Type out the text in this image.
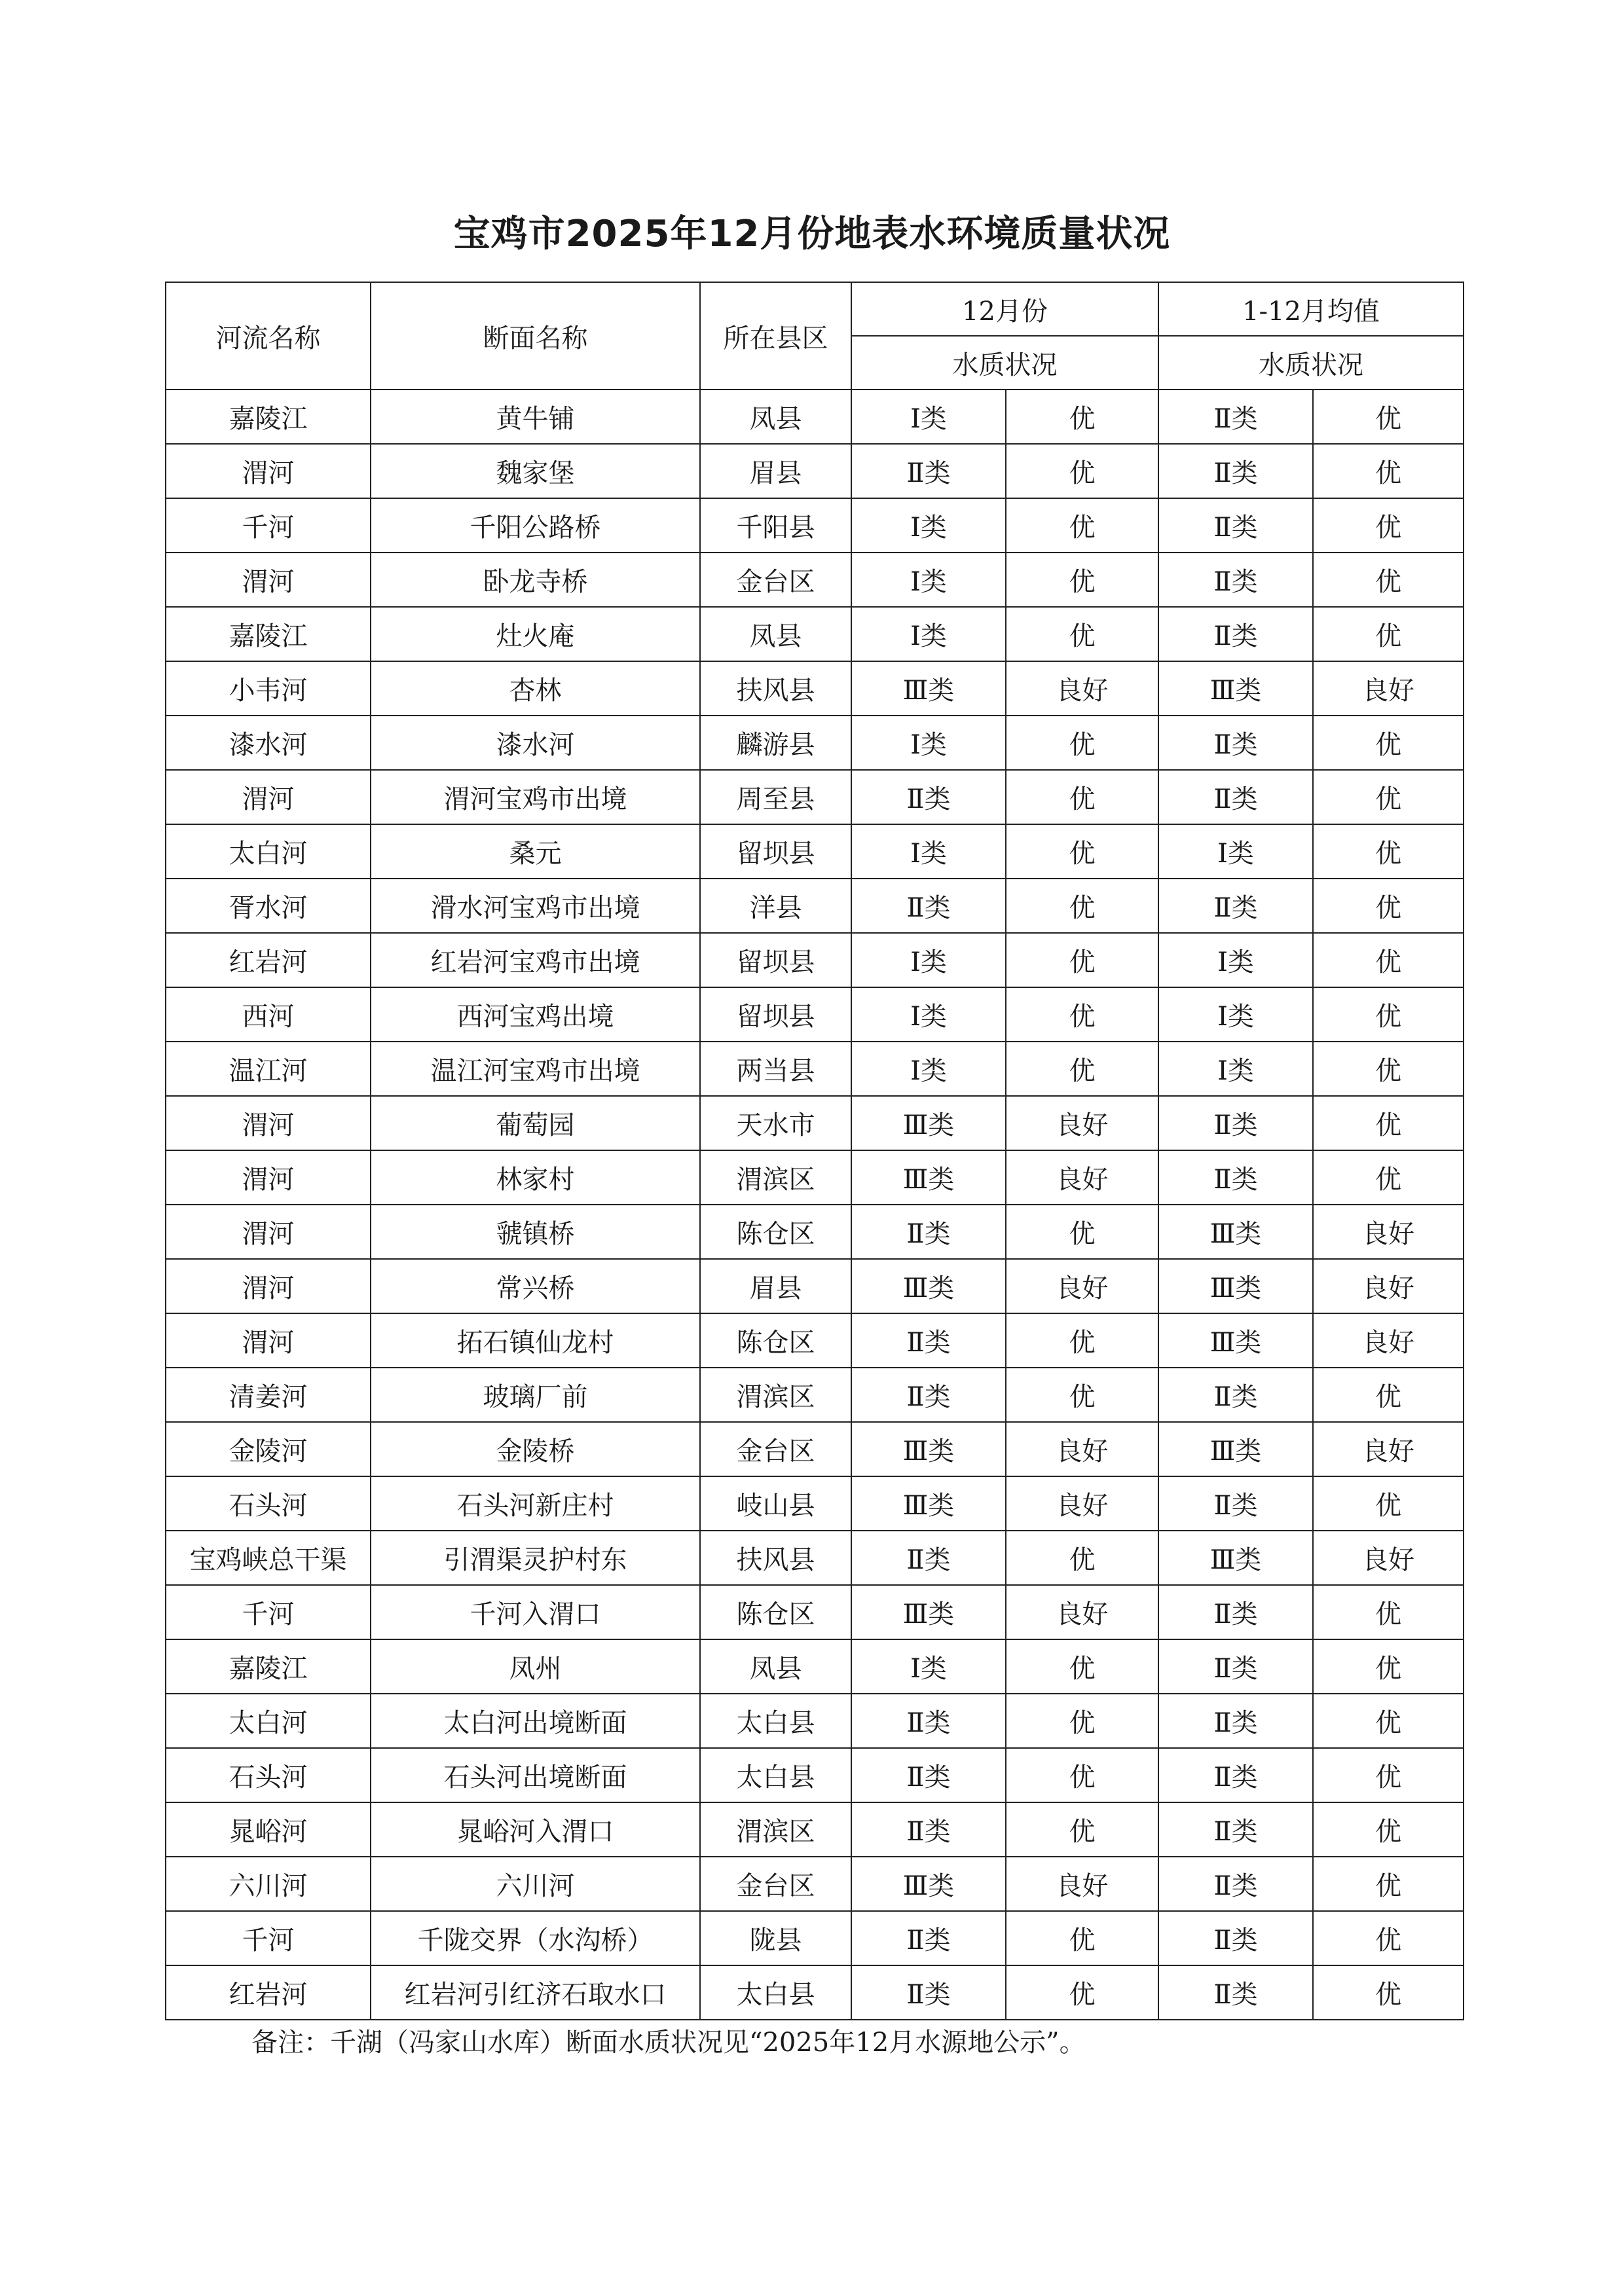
宝鸡市2025年12月份地表水环境质量状况
河流名称	断面名称	所在县区	12月份		1-12月均值	
			水质状况		水质状况	
嘉陵江	黄牛铺	凤县	Ⅰ类	优	Ⅱ类	优
渭河	魏家堡	眉县	Ⅱ类	优	Ⅱ类	优
千河	千阳公路桥	千阳县	Ⅰ类	优	Ⅱ类	优
渭河	卧龙寺桥	金台区	Ⅰ类	优	Ⅱ类	优
嘉陵江	灶火庵	凤县	Ⅰ类	优	Ⅱ类	优
小韦河	杏林	扶风县	Ⅲ类	良好	Ⅲ类	良好
漆水河	漆水河	麟游县	Ⅰ类	优	Ⅱ类	优
渭河	渭河宝鸡市出境	周至县	Ⅱ类	优	Ⅱ类	优
太白河	桑元	留坝县	Ⅰ类	优	Ⅰ类	优
胥水河	滑水河宝鸡市出境	洋县	Ⅱ类	优	Ⅱ类	优
红岩河	红岩河宝鸡市出境	留坝县	Ⅰ类	优	Ⅰ类	优
西河	西河宝鸡出境	留坝县	Ⅰ类	优	Ⅰ类	优
温江河	温江河宝鸡市出境	两当县	Ⅰ类	优	Ⅰ类	优
渭河	葡萄园	天水市	Ⅲ类	良好	Ⅱ类	优
渭河	林家村	渭滨区	Ⅲ类	良好	Ⅱ类	优
渭河	虢镇桥	陈仓区	Ⅱ类	优	Ⅲ类	良好
渭河	常兴桥	眉县	Ⅲ类	良好	Ⅲ类	良好
渭河	拓石镇仙龙村	陈仓区	Ⅱ类	优	Ⅲ类	良好
清姜河	玻璃厂前	渭滨区	Ⅱ类	优	Ⅱ类	优
金陵河	金陵桥	金台区	Ⅲ类	良好	Ⅲ类	良好
石头河	石头河新庄村	岐山县	Ⅲ类	良好	Ⅱ类	优
宝鸡峡总干渠	引渭渠灵护村东	扶风县	Ⅱ类	优	Ⅲ类	良好
千河	千河入渭口	陈仓区	Ⅲ类	良好	Ⅱ类	优
嘉陵江	凤州	凤县	Ⅰ类	优	Ⅱ类	优
太白河	太白河出境断面	太白县	Ⅱ类	优	Ⅱ类	优
石头河	石头河出境断面	太白县	Ⅱ类	优	Ⅱ类	优
晁峪河	晁峪河入渭口	渭滨区	Ⅱ类	优	Ⅱ类	优
六川河	六川河	金台区	Ⅲ类	良好	Ⅱ类	优
千河	千陇交界（水沟桥）	陇县	Ⅱ类	优	Ⅱ类	优
红岩河	红岩河引红济石取水口	太白县	Ⅱ类	优	Ⅱ类	优
备注：千湖（冯家山水库）断面水质状况见“2025年12月水源地公示”。
